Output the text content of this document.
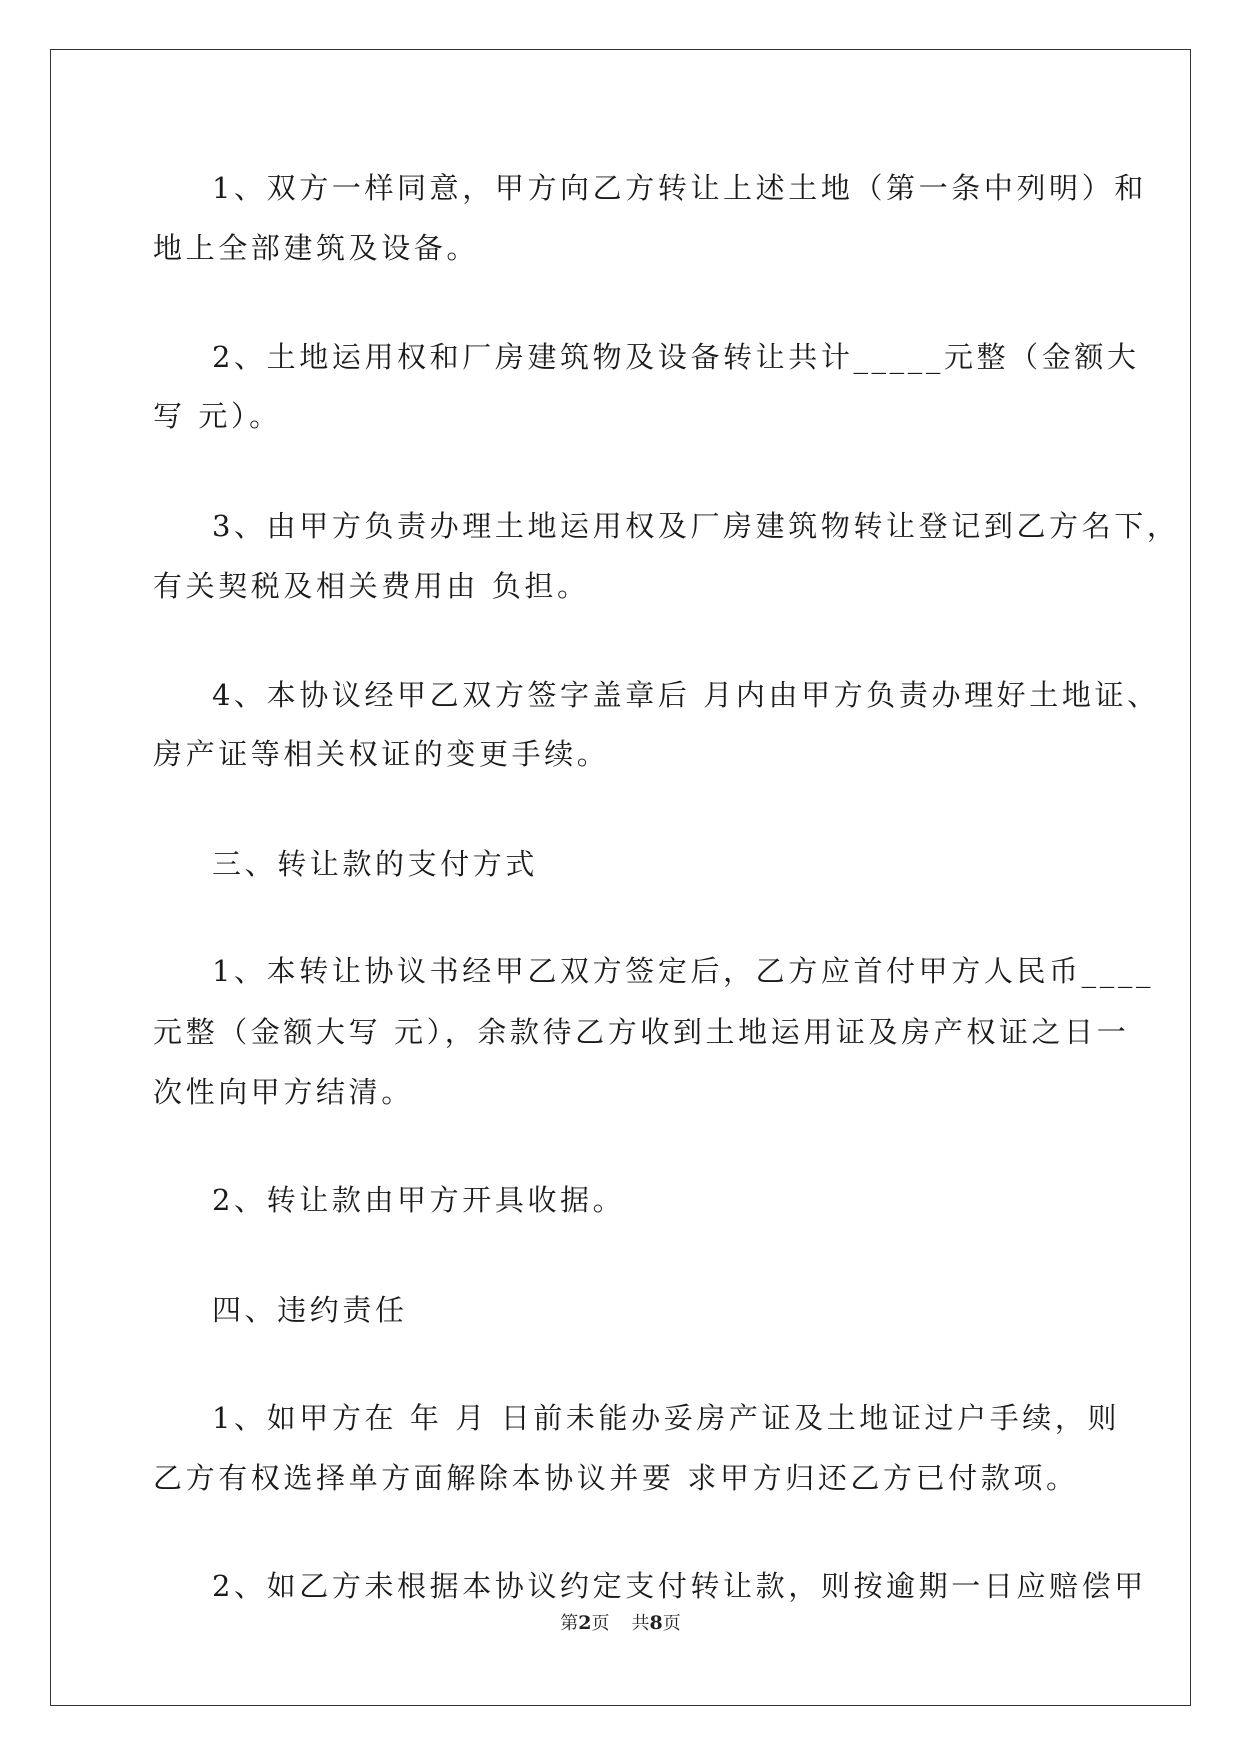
1、双方一样同意，甲方向乙方转让上述土地（第一条中列明）和
地上全部建筑及设备。
2、土地运用权和厂房建筑物及设备转让共计_____元整（金额大
写 元）。
3、由甲方负责办理土地运用权及厂房建筑物转让登记到乙方名下，
有关契税及相关费用由 负担。
4、本协议经甲乙双方签字盖章后 月内由甲方负责办理好土地证、
房产证等相关权证的变更手续。
三、转让款的支付方式
1、本转让协议书经甲乙双方签定后，乙方应首付甲方人民币____
元整（金额大写 元），余款待乙方收到土地运用证及房产权证之日一
次性向甲方结清。
2、转让款由甲方开具收据。
四、违约责任
1、如甲方在 年 月 日前未能办妥房产证及土地证过户手续，则
乙方有权选择单方面解除本协议并要 求甲方归还乙方已付款项。
2、如乙方未根据本协议约定支付转让款，则按逾期一日应赔偿甲
第2页 共8页
